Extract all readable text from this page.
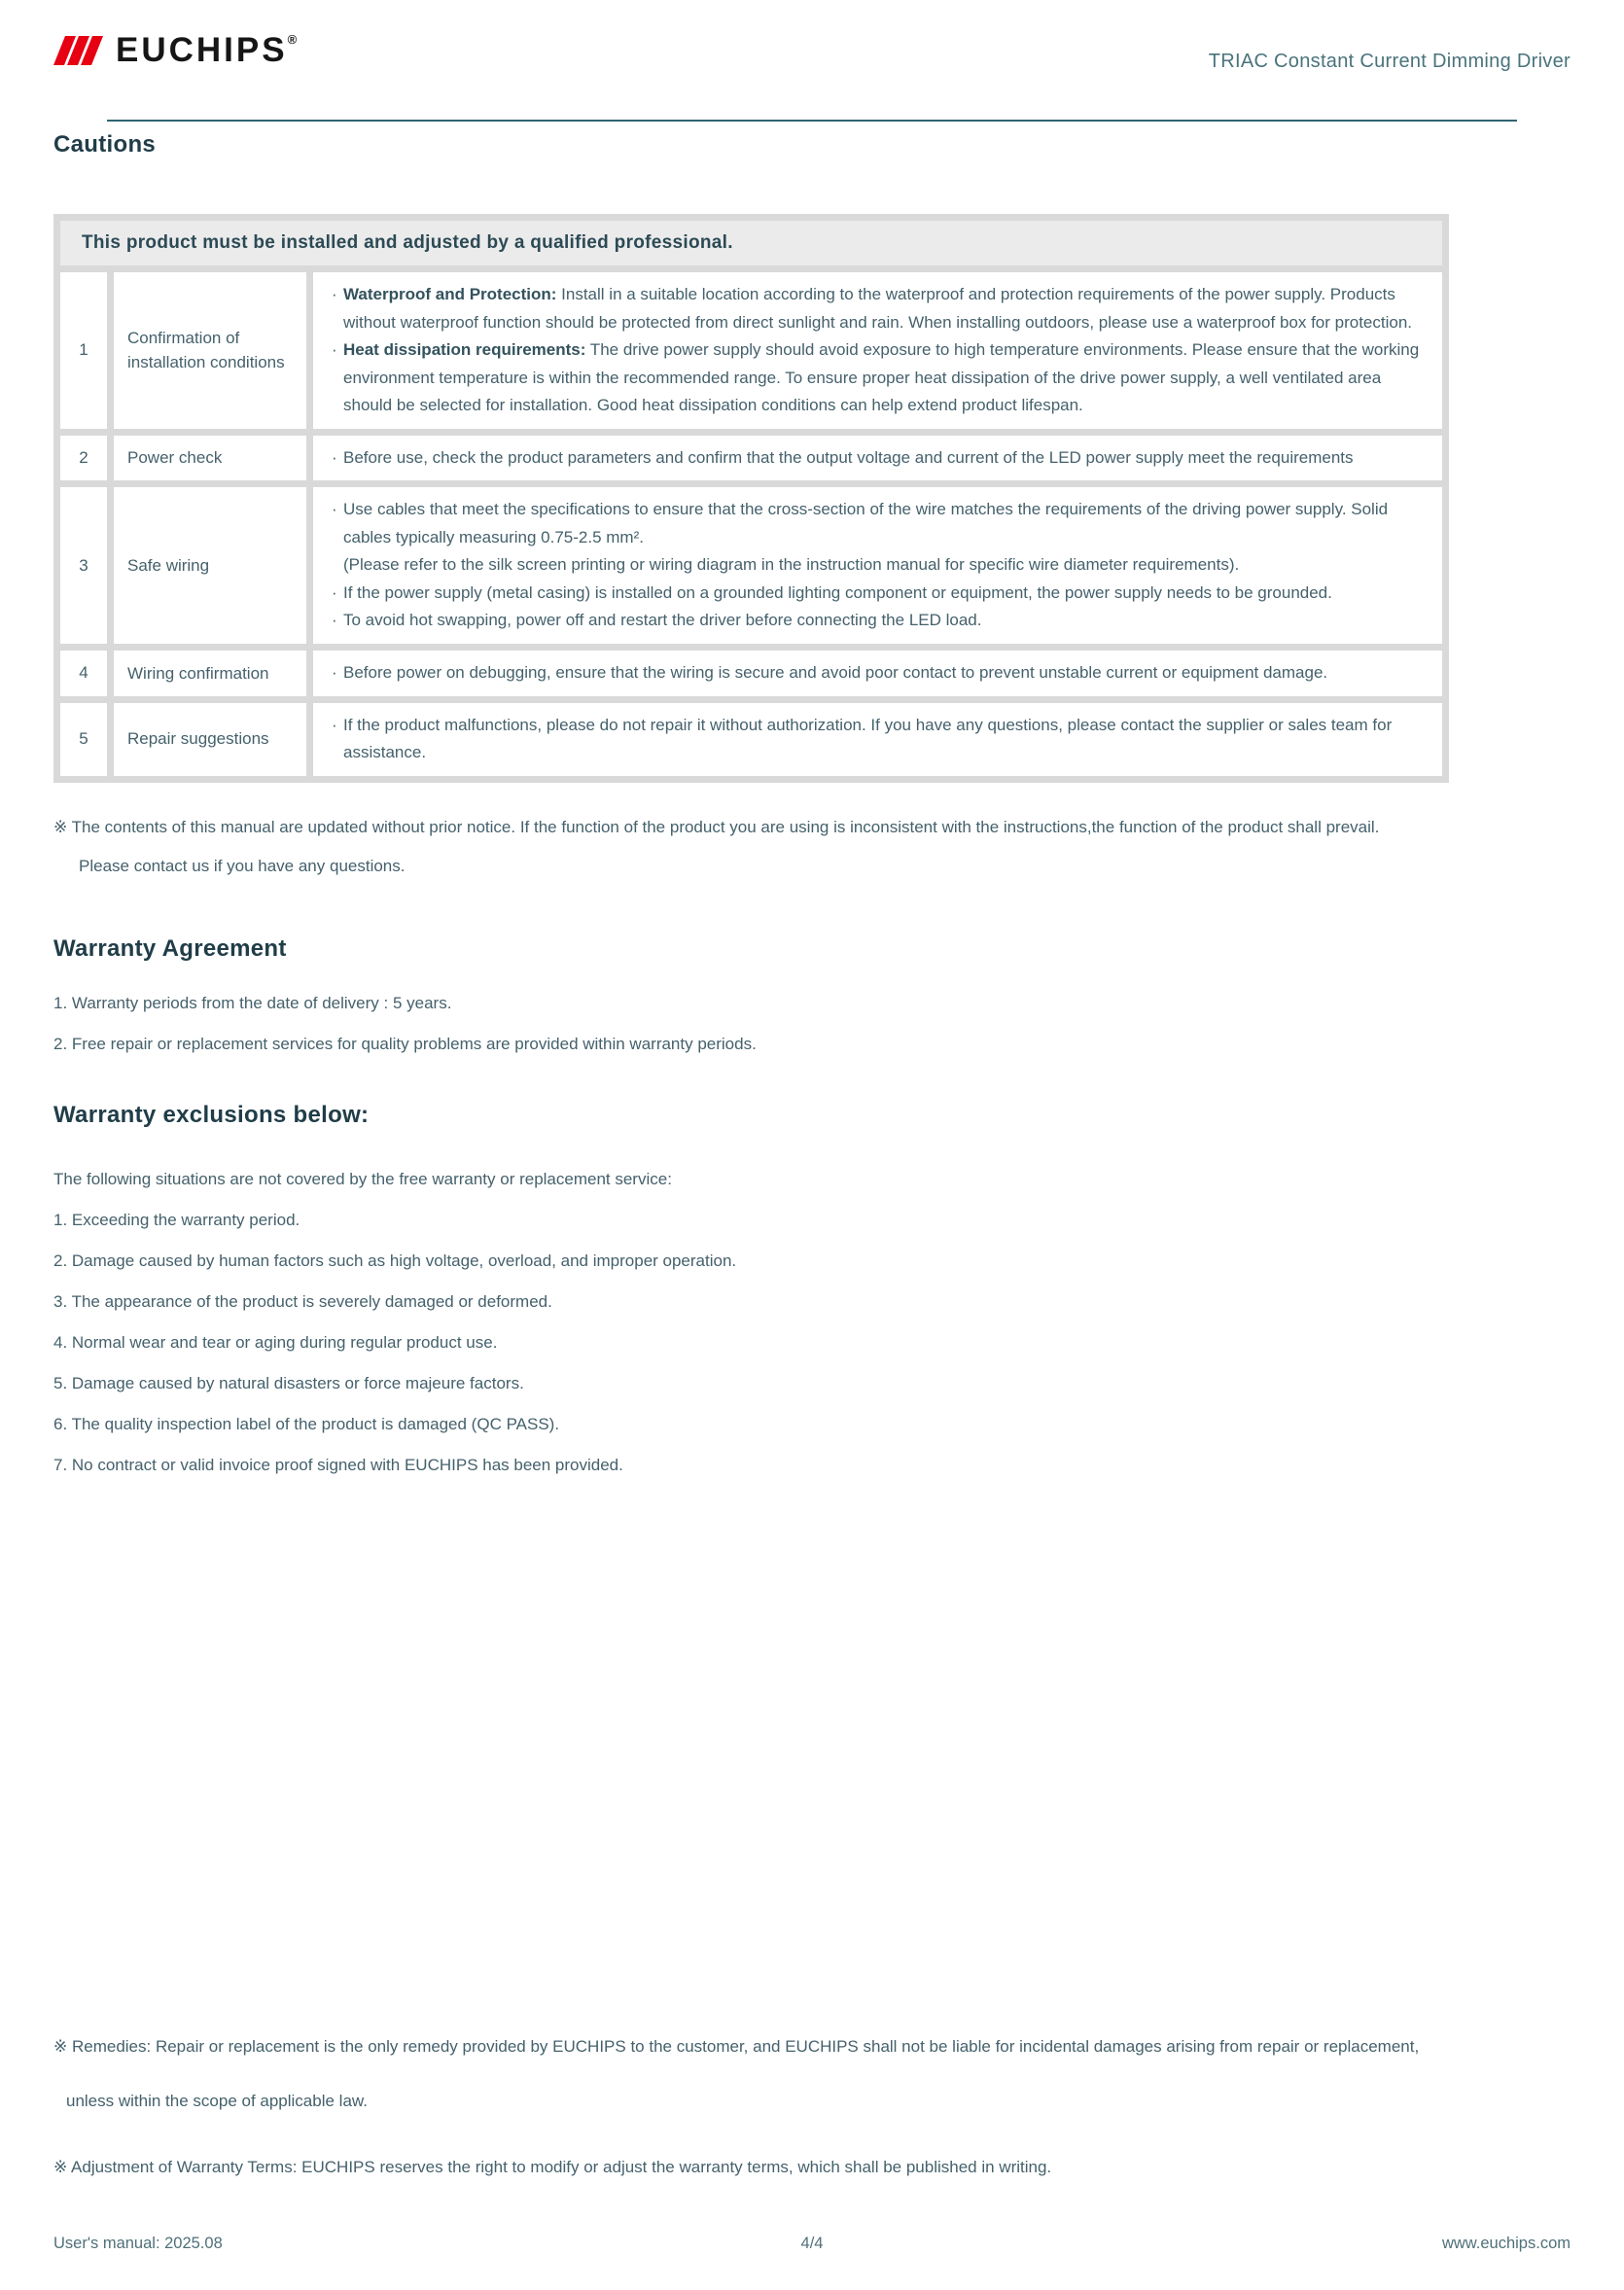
EUCHIPS®
TRIAC Constant Current Dimming Driver
Cautions
This product must be installed and adjusted by a qualified professional.		
1	Confirmation of installation conditions	· Waterproof and Protection: Install in a suitable location according to the waterproof and protection requirements of the power supply. Products without waterproof function should be protected from direct sunlight and rain. When installing outdoors, please use a waterproof box for protection.
· Heat dissipation requirements: The drive power supply should avoid exposure to high temperature environments. Please ensure that the working environment temperature is within the recommended range. To ensure proper heat dissipation of the drive power supply, a well ventilated area should be selected for installation. Good heat dissipation conditions can help extend product lifespan.

2	Power check	· Before use, check the product parameters and confirm that the output voltage and current of the LED power supply meet the requirements

3	Safe wiring	· Use cables that meet the specifications to ensure that the cross-section of the wire matches the requirements of the driving power supply. Solid cables typically measuring 0.75-2.5 mm².
(Please refer to the silk screen printing or wiring diagram in the instruction manual for specific wire diameter requirements).
· If the power supply (metal casing) is installed on a grounded lighting component or equipment, the power supply needs to be grounded.
· To avoid hot swapping, power off and restart the driver before connecting the LED load.

4	Wiring confirmation	· Before power on debugging, ensure that the wiring is secure and avoid poor contact to prevent unstable current or equipment damage.

5	Repair suggestions	· If the product malfunctions, please do not repair it without authorization. If you have any questions, please contact the supplier or sales team for assistance.
※ The contents of this manual are updated without prior notice. If the function of the product you are using is inconsistent with the instructions,the function of the product shall prevail.
Please contact us if you have any questions.
Warranty Agreement
1. Warranty periods from the date of delivery : 5 years.
2. Free repair or replacement services for quality problems are provided within warranty periods.
Warranty exclusions below:
The following situations are not covered by the free warranty or replacement service:
1. Exceeding the warranty period.
2. Damage caused by human factors such as high voltage, overload, and improper operation.
3. The appearance of the product is severely damaged or deformed.
4. Normal wear and tear or aging during regular product use.
5. Damage caused by natural disasters or force majeure factors.
6. The quality inspection label of the product is damaged (QC PASS).
7. No contract or valid invoice proof signed with EUCHIPS has been provided.
※ Remedies: Repair or replacement is the only remedy provided by EUCHIPS to the customer, and EUCHIPS shall not be liable for incidental damages arising from repair or replacement,
unless within the scope of applicable law.
※ Adjustment of Warranty Terms: EUCHIPS reserves the right to modify or adjust the warranty terms, which shall be published in writing.
User's manual: 2025.08	4/4	www.euchips.com
